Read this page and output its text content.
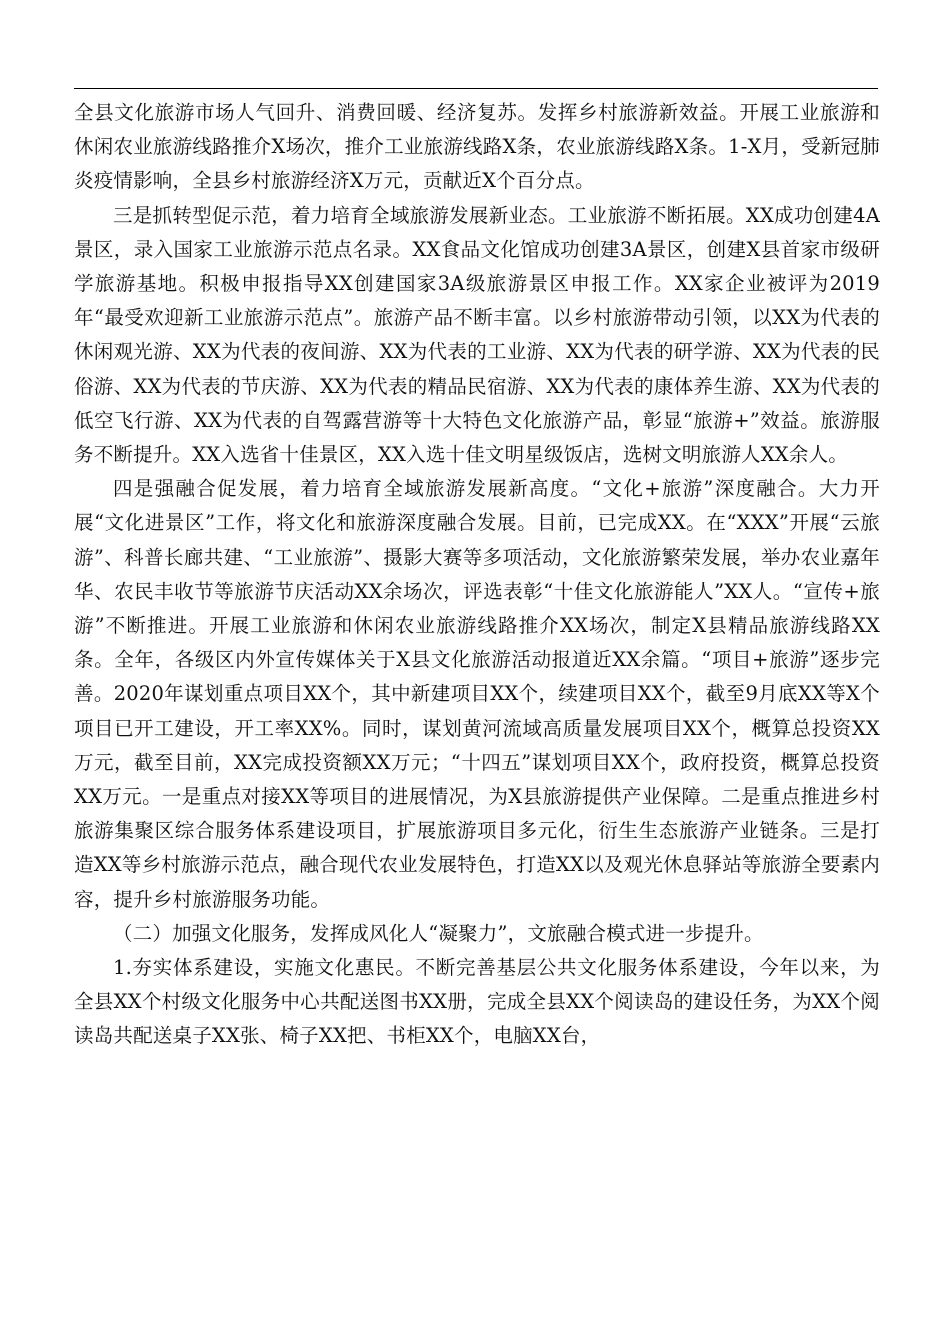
全县文化旅游市场人气回升、消费回暖、经济复苏。发挥乡村旅游新效益。开展工业旅游和休闲农业旅游线路推介X场次，推介工业旅游线路X条，农业旅游线路X条。1-X月，受新冠肺炎疫情影响，全县乡村旅游经济X万元，贡献近X个百分点。

三是抓转型促示范，着力培育全域旅游发展新业态。工业旅游不断拓展。XX成功创建4A景区，录入国家工业旅游示范点名录。XX食品文化馆成功创建3A景区，创建X县首家市级研学旅游基地。积极申报指导XX创建国家3A级旅游景区申报工作。XX家企业被评为2019年“最受欢迎新工业旅游示范点”。旅游产品不断丰富。以乡村旅游带动引领，以XX为代表的休闲观光游、XX为代表的夜间游、XX为代表的工业游、XX为代表的研学游、XX为代表的民俗游、XX为代表的节庆游、XX为代表的精品民宿游、XX为代表的康体养生游、XX为代表的低空飞行游、XX为代表的自驾露营游等十大特色文化旅游产品，彰显“旅游+”效益。旅游服务不断提升。XX入选省十佳景区，XX入选十佳文明星级饭店，选树文明旅游人XX余人。

四是强融合促发展，着力培育全域旅游发展新高度。“文化+旅游”深度融合。大力开展“文化进景区”工作，将文化和旅游深度融合发展。目前，已完成XX。在“XXX”开展“云旅游”、科普长廊共建、“工业旅游”、摄影大赛等多项活动，文化旅游繁荣发展，举办农业嘉年华、农民丰收节等旅游节庆活动XX余场次，评选表彰“十佳文化旅游能人”XX人。“宣传+旅游”不断推进。开展工业旅游和休闲农业旅游线路推介XX场次，制定X县精品旅游线路XX条。全年，各级区内外宣传媒体关于X县文化旅游活动报道近XX余篇。“项目+旅游”逐步完善。2020年谋划重点项目XX个，其中新建项目XX个，续建项目XX个，截至9月底XX等X个项目已开工建设，开工率XX%。同时，谋划黄河流域高质量发展项目XX个，概算总投资XX万元，截至目前，XX完成投资额XX万元；“十四五”谋划项目XX个，政府投资，概算总投资XX万元。一是重点对接XX等项目的进展情况，为X县旅游提供产业保障。二是重点推进乡村旅游集聚区综合服务体系建设项目，扩展旅游项目多元化，衍生生态旅游产业链条。三是打造XX等乡村旅游示范点，融合现代农业发展特色，打造XX以及观光休息驿站等旅游全要素内容，提升乡村旅游服务功能。

（二）加强文化服务，发挥成风化人“凝聚力”，文旅融合模式进一步提升。

1.夯实体系建设，实施文化惠民。不断完善基层公共文化服务体系建设，今年以来，为全县XX个村级文化服务中心共配送图书XX册，完成全县XX个阅读岛的建设任务，为XX个阅读岛共配送桌子XX张、椅子XX把、书柜XX个，电脑XX台，
